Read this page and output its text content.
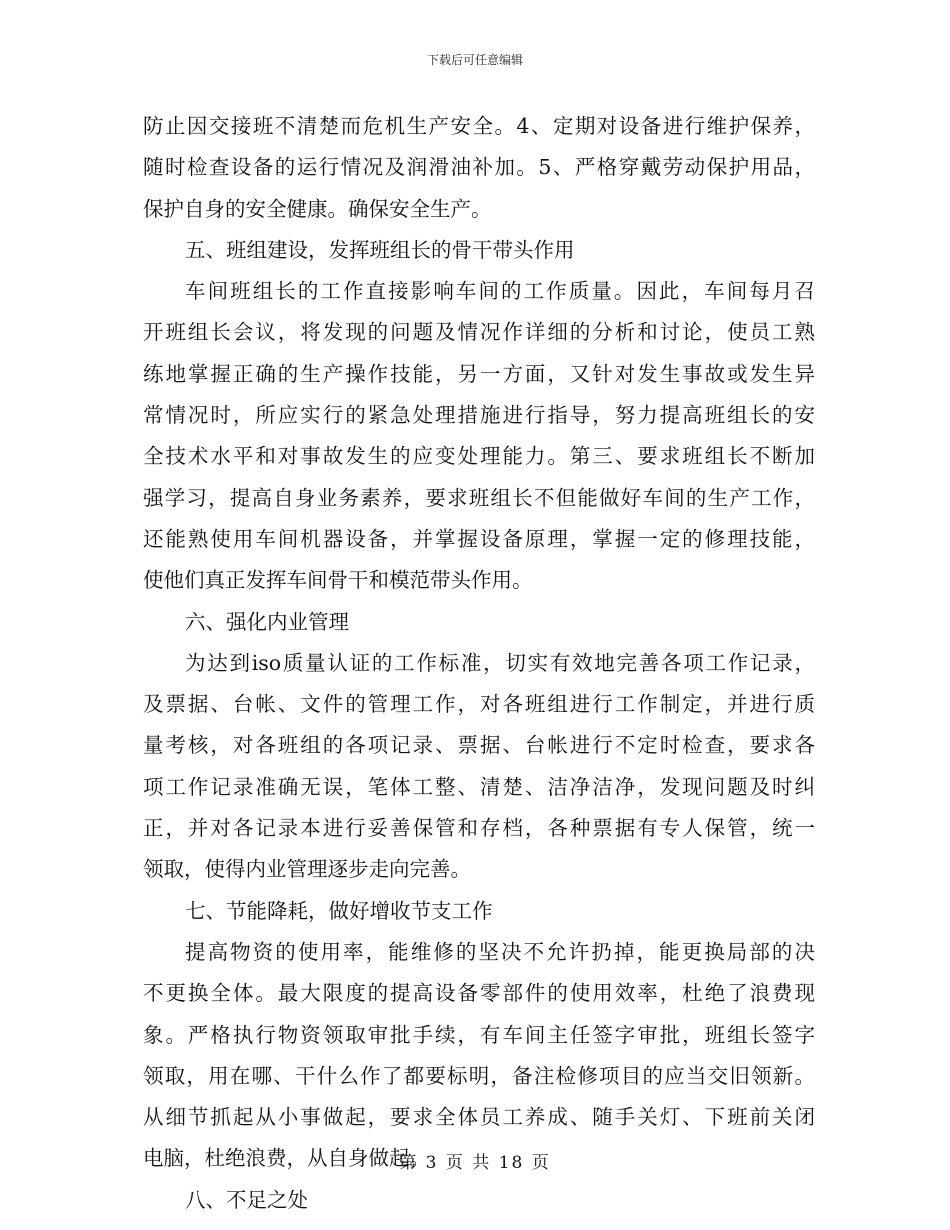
下载后可任意编辑
防止因交接班不清楚而危机生产安全。4、定期对设备进行维护保养，
随时检查设备的运行情况及润滑油补加。5、严格穿戴劳动保护用品，
保护自身的安全健康。确保安全生产。
五、班组建设，发挥班组长的骨干带头作用
车间班组长的工作直接影响车间的工作质量。因此，车间每月召
开班组长会议，将发现的问题及情况作详细的分析和讨论，使员工熟
练地掌握正确的生产操作技能，另一方面，又针对发生事故或发生异
常情况时，所应实行的紧急处理措施进行指导，努力提高班组长的安
全技术水平和对事故发生的应变处理能力。第三、要求班组长不断加
强学习，提高自身业务素养，要求班组长不但能做好车间的生产工作，
还能熟使用车间机器设备，并掌握设备原理，掌握一定的修理技能，
使他们真正发挥车间骨干和模范带头作用。
六、强化内业管理
为达到iso质量认证的工作标准，切实有效地完善各项工作记录，
及票据、台帐、文件的管理工作，对各班组进行工作制定，并进行质
量考核，对各班组的各项记录、票据、台帐进行不定时检查，要求各
项工作记录准确无误，笔体工整、清楚、洁净洁净，发现问题及时纠
正，并对各记录本进行妥善保管和存档，各种票据有专人保管，统一
领取，使得内业管理逐步走向完善。
七、节能降耗，做好增收节支工作
提高物资的使用率，能维修的坚决不允许扔掉，能更换局部的决
不更换全体。最大限度的提高设备零部件的使用效率，杜绝了浪费现
象。严格执行物资领取审批手续，有车间主任签字审批，班组长签字
领取，用在哪、干什么作了都要标明，备注检修项目的应当交旧领新。
从细节抓起从小事做起，要求全体员工养成、随手关灯、下班前关闭
电脑，杜绝浪费，从自身做起。
八、不足之处
第 3 页 共 18 页
